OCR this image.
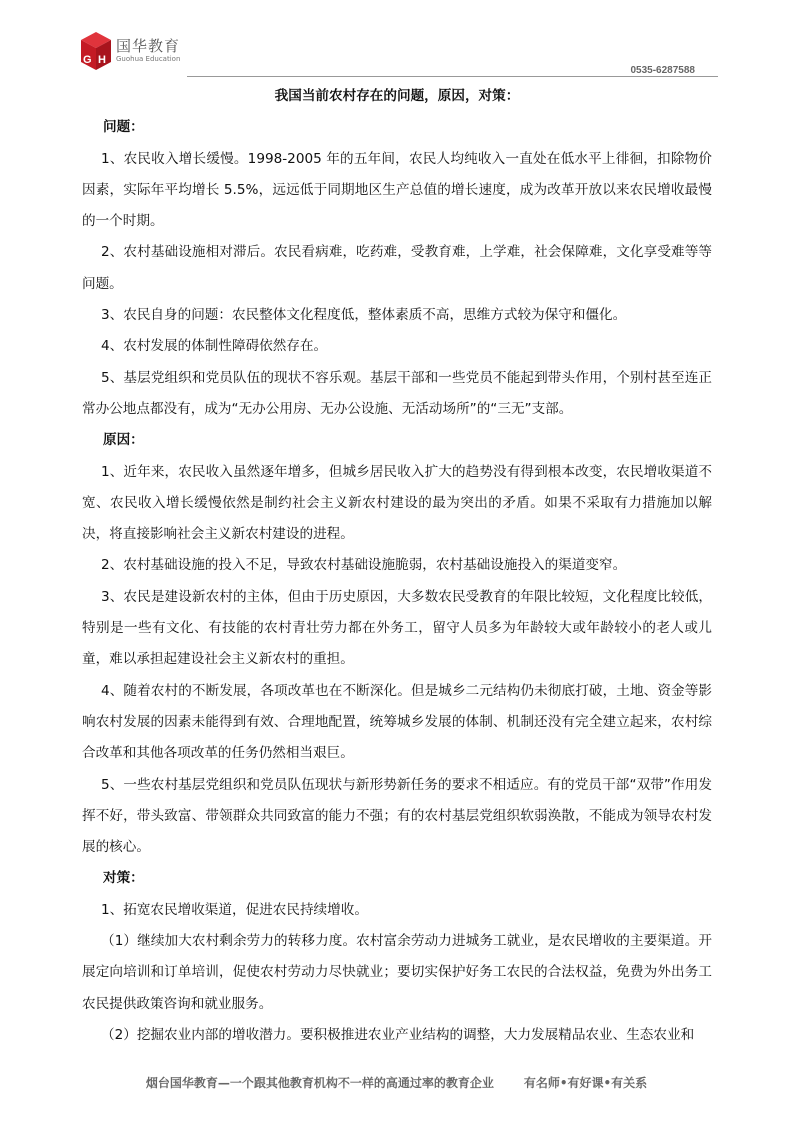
G H
国华教育
Guohua Education
0535-6287588
我国当前农村存在的问题，原因，对策：
问题：

1、农民收入增长缓慢。1998-2005 年的五年间，农民人均纯收入一直处在低水平上徘徊，扣除物价因素，实际年平均增长 5.5%，远远低于同期地区生产总值的增长速度，成为改革开放以来农民增收最慢的一个时期。

2、农村基础设施相对滞后。农民看病难，吃药难，受教育难，上学难，社会保障难，文化享受难等等问题。

3、农民自身的问题：农民整体文化程度低，整体素质不高，思维方式较为保守和僵化。

4、农村发展的体制性障碍依然存在。

5、基层党组织和党员队伍的现状不容乐观。基层干部和一些党员不能起到带头作用，个别村甚至连正常办公地点都没有，成为“无办公用房、无办公设施、无活动场所”的“三无”支部。

原因：

1、近年来，农民收入虽然逐年增多，但城乡居民收入扩大的趋势没有得到根本改变，农民增收渠道不宽、农民收入增长缓慢依然是制约社会主义新农村建设的最为突出的矛盾。如果不采取有力措施加以解决，将直接影响社会主义新农村建设的进程。

2、农村基础设施的投入不足，导致农村基础设施脆弱，农村基础设施投入的渠道变窄。

3、农民是建设新农村的主体，但由于历史原因，大多数农民受教育的年限比较短，文化程度比较低，特别是一些有文化、有技能的农村青壮劳力都在外务工，留守人员多为年龄较大或年龄较小的老人或儿童，难以承担起建设社会主义新农村的重担。

4、随着农村的不断发展，各项改革也在不断深化。但是城乡二元结构仍未彻底打破，土地、资金等影响农村发展的因素未能得到有效、合理地配置，统筹城乡发展的体制、机制还没有完全建立起来，农村综合改革和其他各项改革的任务仍然相当艰巨。

5、一些农村基层党组织和党员队伍现状与新形势新任务的要求不相适应。有的党员干部“双带”作用发挥不好，带头致富、带领群众共同致富的能力不强；有的农村基层党组织软弱涣散，不能成为领导农村发展的核心。

对策：

1、拓宽农民增收渠道，促进农民持续增收。

（1）继续加大农村剩余劳力的转移力度。农村富余劳动力进城务工就业，是农民增收的主要渠道。开展定向培训和订单培训，促使农村劳动力尽快就业；要切实保护好务工农民的合法权益，免费为外出务工农民提供政策咨询和就业服务。

（2）挖掘农业内部的增收潜力。要积极推进农业产业结构的调整，大力发展精品农业、生态农业和

烟台国华教育—一个跟其他教育机构不一样的高通过率的教育企业	有名师•有好课•有关系
